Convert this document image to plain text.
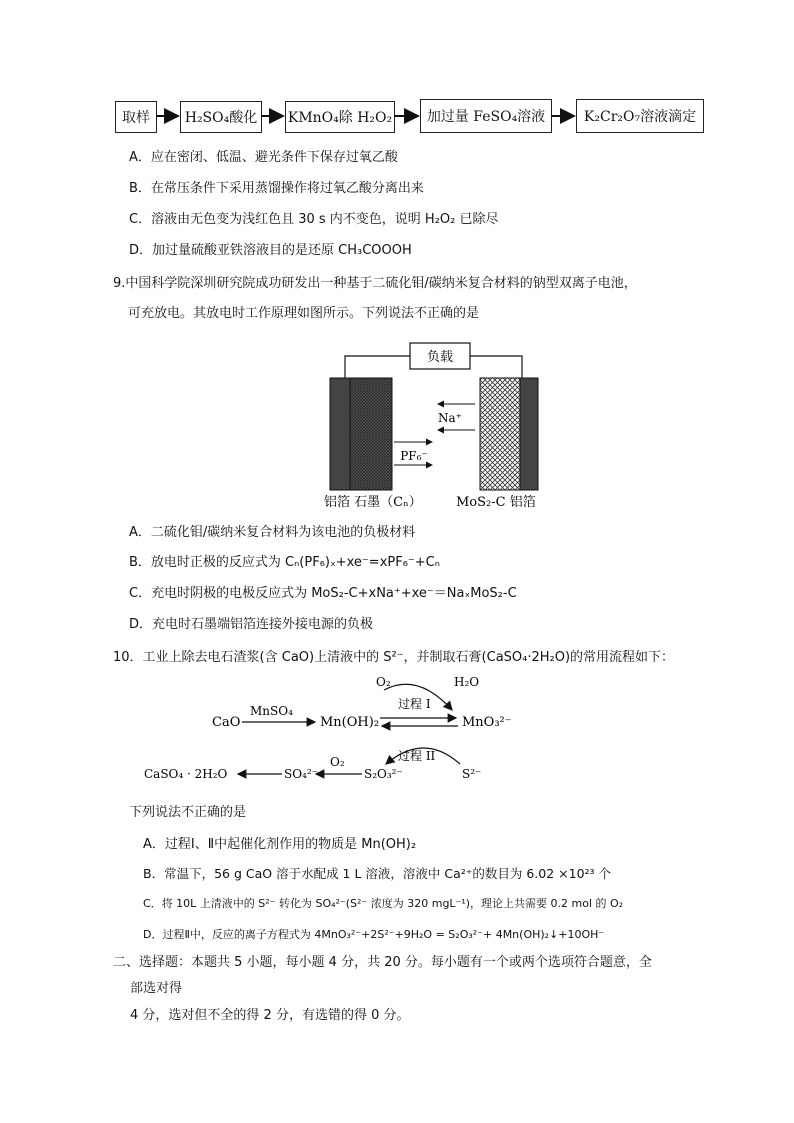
取样 H₂SO₄酸化 KMnO₄除 H₂O₂ 加过量 FeSO₄溶液	K₂Cr₂O₇溶液滴定
A．应在密闭、低温、避光条件下保存过氧乙酸
B．在常压条件下采用蒸馏操作将过氧乙酸分离出来
C．溶液由无色变为浅红色且 30 s 内不变色，说明 H₂O₂ 已除尽
D．加过量硫酸亚铁溶液目的是还原 CH₃COOOH
9.中国科学院深圳研究院成功研发出一种基于二硫化钼/碳纳米复合材料的钠型双离子电池，
可充放电。其放电时工作原理如图所示。下列说法不正确的是
负载
Na⁺
PF₆⁻
铝箔 石墨（Cₙ）	MoS₂-C 铝箔
A．二硫化钼/碳纳米复合材料为该电池的负极材料
B．放电时正极的反应式为 Cₙ(PF₆)ₓ+xe⁻=xPF₆⁻+Cₙ
C．充电时阴极的电极反应式为 MoS₂-C+xNa⁺+xe⁻＝NaₓMoS₂-C
D．充电时石墨端铝箔连接外接电源的负极
10．工业上除去电石渣浆(含 CaO)上清液中的 S²⁻，并制取石膏(CaSO₄·2H₂O)的常用流程如下：
CaO
MnSO₄
Mn(OH)₂	MnO₃²⁻
O₂	H₂O
过程 I
过程 II
S²⁻
S₂O₃²⁻
O₂
SO₄²⁻
CaSO₄ · 2H₂O
下列说法不正确的是
A．过程Ⅰ、Ⅱ中起催化剂作用的物质是 Mn(OH)₂
B．常温下，56 g CaO 溶于水配成 1 L 溶液，溶液中 Ca²⁺的数目为 6.02 ×10²³ 个
C．将 10L 上清液中的 S²⁻ 转化为 SO₄²⁻(S²⁻ 浓度为 320 mgL⁻¹)，理论上共需要 0.2 mol 的 O₂
D．过程Ⅱ中，反应的离子方程式为 4MnO₃²⁻+2S²⁻+9H₂O = S₂O₃²⁻+ 4Mn(OH)₂↓+10OH⁻
二、选择题：本题共 5 小题，每小题 4 分，共 20 分。每小题有一个或两个选项符合题意，全
部选对得
4 分，选对但不全的得 2 分，有选错的得 0 分。
